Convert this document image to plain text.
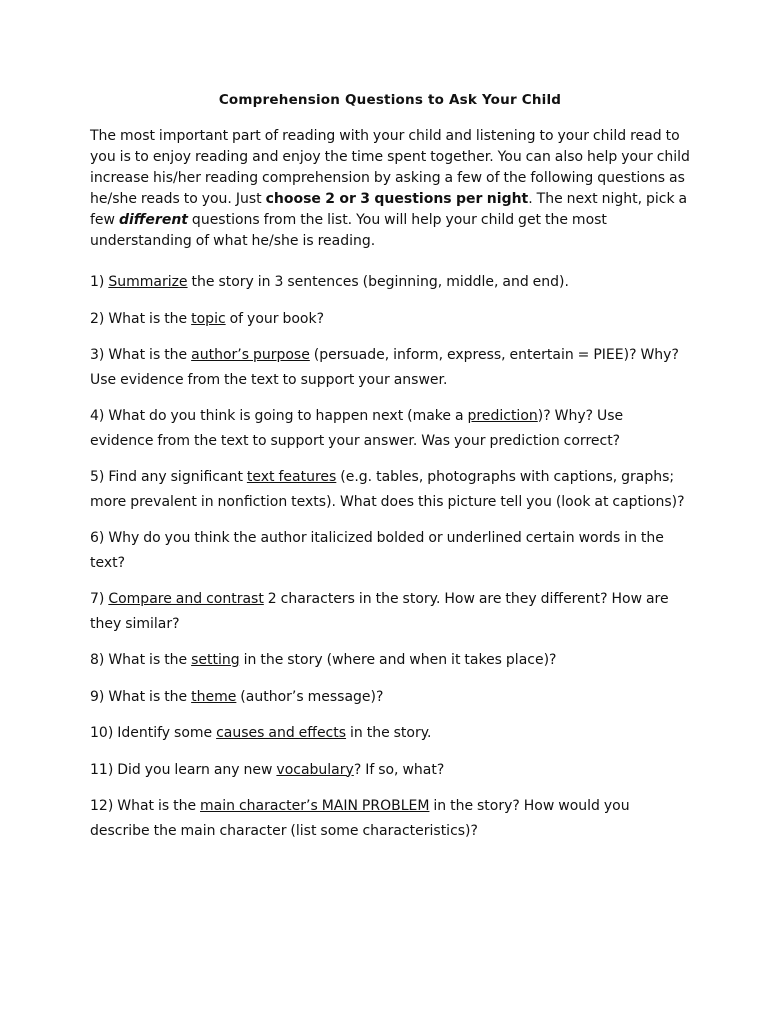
Comprehension Questions to Ask Your Child

The most important part of reading with your child and listening to your child read to you is to enjoy reading and enjoy the time spent together. You can also help your child increase his/her reading comprehension by asking a few of the following questions as he/she reads to you. Just choose 2 or 3 questions per night. The next night, pick a few different questions from the list. You will help your child get the most understanding of what he/she is reading.

1) Summarize the story in 3 sentences (beginning, middle, and end).

2) What is the topic of your book?

3) What is the author’s purpose (persuade, inform, express, entertain = PIEE)? Why? Use evidence from the text to support your answer.

4) What do you think is going to happen next (make a prediction)? Why? Use evidence from the text to support your answer. Was your prediction correct?

5) Find any significant text features (e.g. tables, photographs with captions, graphs; more prevalent in nonfiction texts). What does this picture tell you (look at captions)?

6) Why do you think the author italicized bolded or underlined certain words in the text?

7) Compare and contrast 2 characters in the story. How are they different? How are they similar?

8) What is the setting in the story (where and when it takes place)?

9) What is the theme (author’s message)?

10) Identify some causes and effects in the story.

11) Did you learn any new vocabulary? If so, what?

12) What is the main character’s MAIN PROBLEM in the story? How would you describe the main character (list some characteristics)?
